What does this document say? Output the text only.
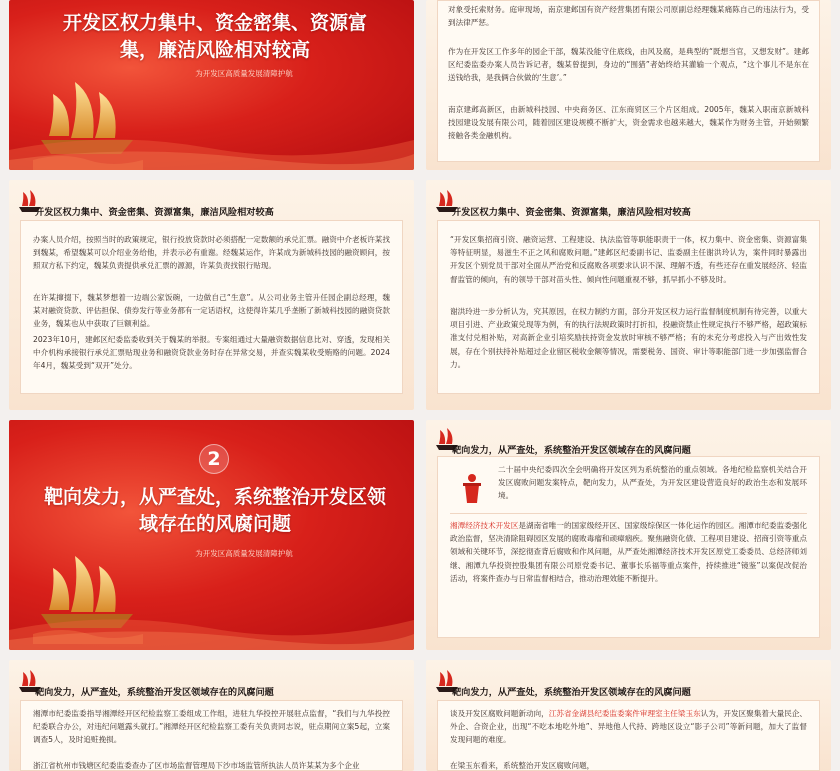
开发区权力集中、资金密集、资源富集，廉洁风险相对较高
为开发区高质量发展清障护航
对象受托索财务。庭审现场，南京建邺国有资产经营集团有限公司原副总经理魏某痛陈自己的违法行为，受到法律严惩。
作为在开发区工作多年的园企干部，魏某没能守住底线，由风及腐，是典型的“既想当官，又想发财”。建邺区纪委监委办案人员告诉记者，魏某曾提到，身边的“围猎”者始终给其灌输一个观点，“这个事儿不是东在送钱给我，是我俩合伙做的‘生意’。”
南京建邺高新区，由新城科技园、中央商务区、江东商贸区三个片区组成。2005年，魏某入职南京新城科技园建设发展有限公司，随着园区建设规模不断扩大，资金需求也越来越大，魏某作为财务主管，开始频繁接触各类金融机构。
开发区权力集中、资金密集、资源富集，廉洁风险相对较高
办案人员介绍，按照当时的政策规定，银行投放贷款时必须搭配一定数额的承兑汇票。融资中介老板许某找到魏某，希望魏某可以介绍业务给他，并表示必有重谢。经魏某运作，许某成为新城科技园的融资顾问，按照双方私下约定，魏某负责提供承兑汇票的源源，许某负责找银行贴现。
在许某撺掇下，魏某梦想着一边端公家饭碗，一边做自己“生意”。从公司业务主管升任园企副总经理，魏某对融资贷款、评估担保、债券发行等业务都有一定话语权，这使得许某几乎垄断了新城科技园的融资贷款业务，魏某也从中获取了巨额利益。
2023年10月，建邺区纪委监委收到关于魏某的举报。专案组通过大量融资数据信息比对、穿透，发现相关中介机构承接银行承兑汇票贴现业务和融资贷款业务时存在异常交易，并查实魏某收受贿赂的问题。2024年4月，魏某受到“双开”处分。
开发区权力集中、资金密集、资源富集，廉洁风险相对较高
“开发区集招商引资、融资运营、工程建设、执法监管等职能职责于一体，权力集中、资金密集、资源富集等特征明显，易滋生不正之风和腐败问题。”建邺区纪委副书记、监委副主任谢洪玲认为，案件同时暴露出开发区个别党员干部对全面从严治党和反腐败各项要求认识不深、理解不透，有些还存在重发展经济、轻监督监管的倾向，有的领导干部对苗头性、倾向性问题重视不够，抓早抓小不够及时。
谢洪玲进一步分析认为，究其原因，在权力制约方面，部分开发区权力运行监督制度机制有待完善，以重大项目引进、产业政策兑现等为例，有的执行法规政策时打折扣，投融资禁止性规定执行不够严格，超政策标准支付兑相补贴，对高新企业引培奖励扶持资金发放时审核不够严格；有的未充分考虑投入与产出效性发展，存在个别扶持补贴超过企业留区税收金额等情况，需要税务、国资、审计等职能部门进一步加强监督合力。
2
靶向发力，从严查处，系统整治开发区领域存在的风腐问题
为开发区高质量发展清障护航
靶向发力，从严查处，系统整治开发区领域存在的风腐问题
二十届中央纪委四次全会明确将开发区列为系统整治的重点领域。各地纪检监察机关结合开发区腐败问题发案特点，靶向发力，从严查处，为开发区建设营造良好的政治生态和发展环境。
湘潭经济技术开发区是湖南省唯一的国家级经开区、国家级综保区一体化运作的园区。湘潭市纪委监委强化政治监督，坚决清除阻碍园区发展的腐败毒瘤和顽瘴痼疾。聚焦融资化债、工程项目建设、招商引资等重点领域和关键环节，深挖彻查背后腐败和作风问题，从严查处湘潭经济技术开发区原党工委委员、总经济师刘继、湘潭九华投资控股集团有限公司原党委书记、董事长乐福等重点案件，持续推进“镜鉴”以案促改促治活动，将案件查办与日常监督相结合，推动治理效能不断提升。
靶向发力，从严查处，系统整治开发区领域存在的风腐问题
湘潭市纪委监委指导湘潭经开区纪检监察工委组成工作组，进驻九华投控开展驻点监督，“我们与九华投控纪委联合办公，对违纪问题露头就打。”湘潭经开区纪检监察工委有关负责同志说，驻点期间立案5起，立案调查5人，及时追赃挽损。
浙江省杭州市钱塘区纪委监委查办了区市场监督管理局下沙市场监管所执法人员许某某为多个企业
靶向发力，从严查处，系统整治开发区领域存在的风腐问题
谈及开发区腐败问题新动向，江苏省金湖县纪委监委案件审理室主任梁玉东认为，开发区聚集着大量民企、外企、合资企业，出现“不吃本地吃外地”、异地他人代持、跨地区设立“影子公司”等新问题，加大了监督发现问题的难度。
在梁玉东看来，系统整治开发区腐败问题，
